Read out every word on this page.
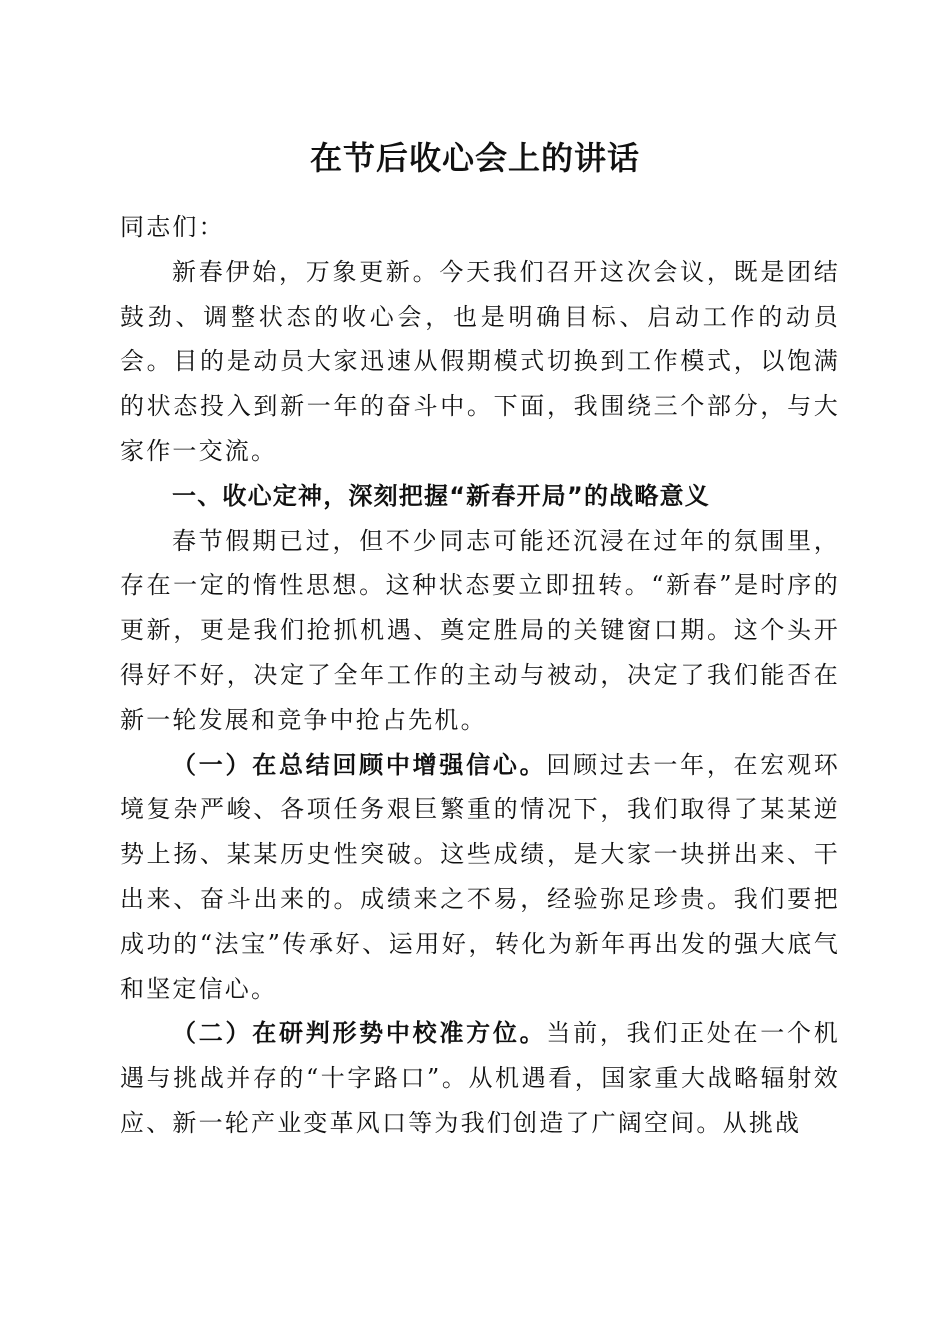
在节后收心会上的讲话

同志们：

新春伊始，万象更新。今天我们召开这次会议，既是团结鼓劲、调整状态的收心会，也是明确目标、启动工作的动员会。目的是动员大家迅速从假期模式切换到工作模式，以饱满的状态投入到新一年的奋斗中。下面，我围绕三个部分，与大家作一交流。

一、收心定神，深刻把握“新春开局”的战略意义

春节假期已过，但不少同志可能还沉浸在过年的氛围里，存在一定的惰性思想。这种状态要立即扭转。“新春”是时序的更新，更是我们抢抓机遇、奠定胜局的关键窗口期。这个头开得好不好，决定了全年工作的主动与被动，决定了我们能否在新一轮发展和竞争中抢占先机。

（一）在总结回顾中增强信心。回顾过去一年，在宏观环境复杂严峻、各项任务艰巨繁重的情况下，我们取得了某某逆势上扬、某某历史性突破。这些成绩，是大家一块拼出来、干出来、奋斗出来的。成绩来之不易，经验弥足珍贵。我们要把成功的“法宝”传承好、运用好，转化为新年再出发的强大底气和坚定信心。

（二）在研判形势中校准方位。当前，我们正处在一个机遇与挑战并存的“十字路口”。从机遇看，国家重大战略辐射效应、新一轮产业变革风口等为我们创造了广阔空间。从挑战
